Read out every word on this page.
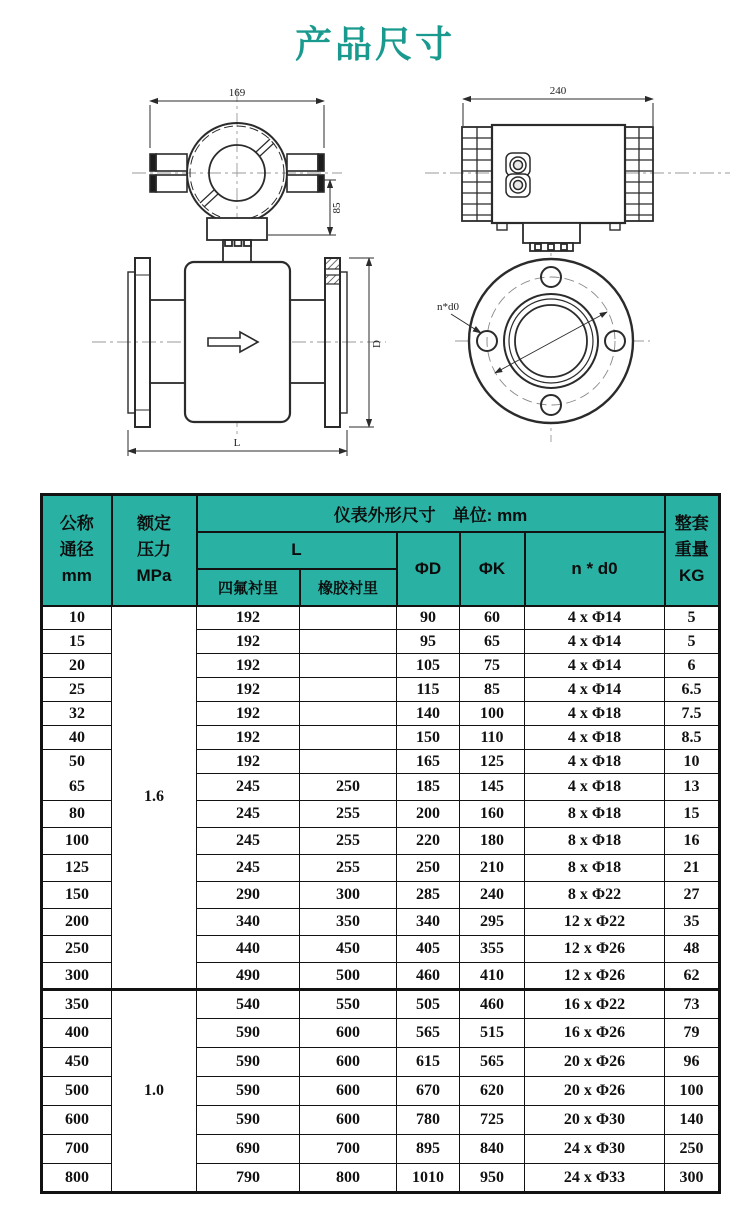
产品尺寸
169
85
L
D
n*d0
240
公称
通径
mm

额定
压力
MPa
	仪表外形尺寸　单位: mm	整套
重量
KG

		L		ΦD	ΦK	n * d0	
		四氟衬里	橡胶衬里				
10	1.6	192		90	60	4 x Φ14	5
15		192		95	65	4 x Φ14	5
20		192		105	75	4 x Φ14	6
25		192		115	85	4 x Φ14	6.5
32		192		140	100	4 x Φ18	7.5
40		192		150	110	4 x Φ18	8.5
50		192		165	125	4 x Φ18	10
65		245	250	185	145	4 x Φ18	13
80		245	255	200	160	8 x Φ18	15
100		245	255	220	180	8 x Φ18	16
125		245	255	250	210	8 x Φ18	21
150		290	300	285	240	8 x Φ22	27
200		340	350	340	295	12 x Φ22	35
250		440	450	405	355	12 x Φ26	48
300		490	500	460	410	12 x Φ26	62
350	1.0	540	550	505	460	16 x Φ22	73
400		590	600	565	515	16 x Φ26	79
450		590	600	615	565	20 x Φ26	96
500		590	600	670	620	20 x Φ26	100
600		590	600	780	725	20 x Φ30	140
700		690	700	895	840	24 x Φ30	250
800		790	800	1010	950	24 x Φ33	300
